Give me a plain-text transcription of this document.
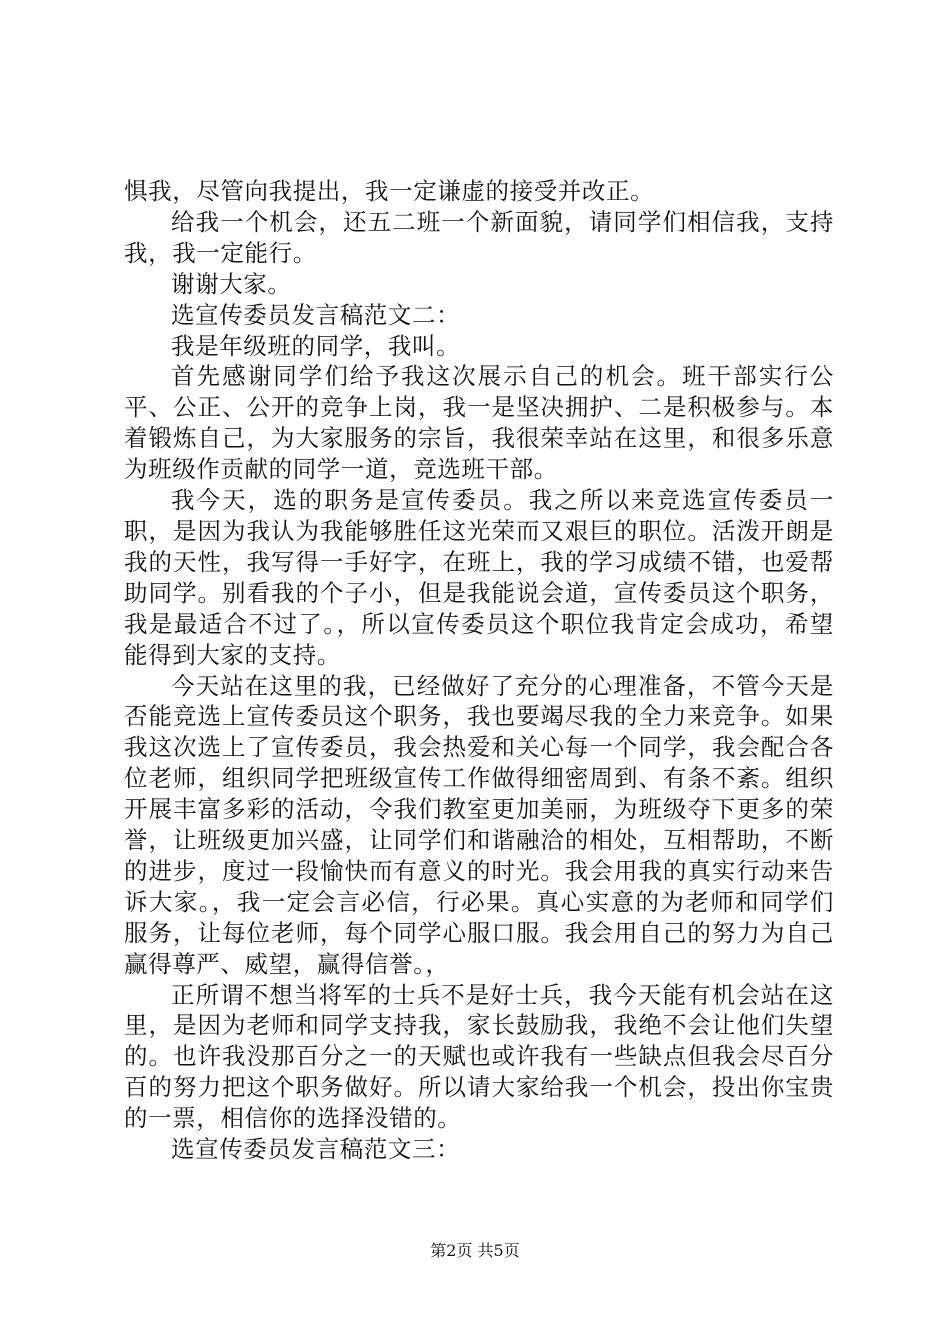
惧我，尽管向我提出，我一定谦虚的接受并改正。

给我一个机会，还五二班一个新面貌，请同学们相信我，支持我，我一定能行。

谢谢大家。

选宣传委员发言稿范文二：

我是年级班的同学，我叫。

首先感谢同学们给予我这次展示自己的机会。班干部实行公平、公正、公开的竞争上岗，我一是坚决拥护、二是积极参与。本着锻炼自己，为大家服务的宗旨，我很荣幸站在这里，和很多乐意为班级作贡献的同学一道，竞选班干部。

我今天，选的职务是宣传委员。我之所以来竞选宣传委员一职，是因为我认为我能够胜任这光荣而又艰巨的职位。活泼开朗是我的天性，我写得一手好字，在班上，我的学习成绩不错，也爱帮助同学。别看我的个子小，但是我能说会道，宣传委员这个职务，我是最适合不过了。，所以宣传委员这个职位我肯定会成功，希望能得到大家的支持。

今天站在这里的我，已经做好了充分的心理准备，不管今天是否能竞选上宣传委员这个职务，我也要竭尽我的全力来竞争。如果我这次选上了宣传委员，我会热爱和关心每一个同学，我会配合各位老师，组织同学把班级宣传工作做得细密周到、有条不紊。组织开展丰富多彩的活动，令我们教室更加美丽，为班级夺下更多的荣誉，让班级更加兴盛，让同学们和谐融洽的相处，互相帮助，不断的进步，度过一段愉快而有意义的时光。我会用我的真实行动来告诉大家。，我一定会言必信，行必果。真心实意的为老师和同学们服务，让每位老师，每个同学心服口服。我会用自己的努力为自己赢得尊严、威望，赢得信誉。，

正所谓不想当将军的士兵不是好士兵，我今天能有机会站在这里，是因为老师和同学支持我，家长鼓励我，我绝不会让他们失望的。也许我没那百分之一的天赋也或许我有一些缺点但我会尽百分百的努力把这个职务做好。所以请大家给我一个机会，投出你宝贵的一票，相信你的选择没错的。

选宣传委员发言稿范文三：

第2页 共5页
